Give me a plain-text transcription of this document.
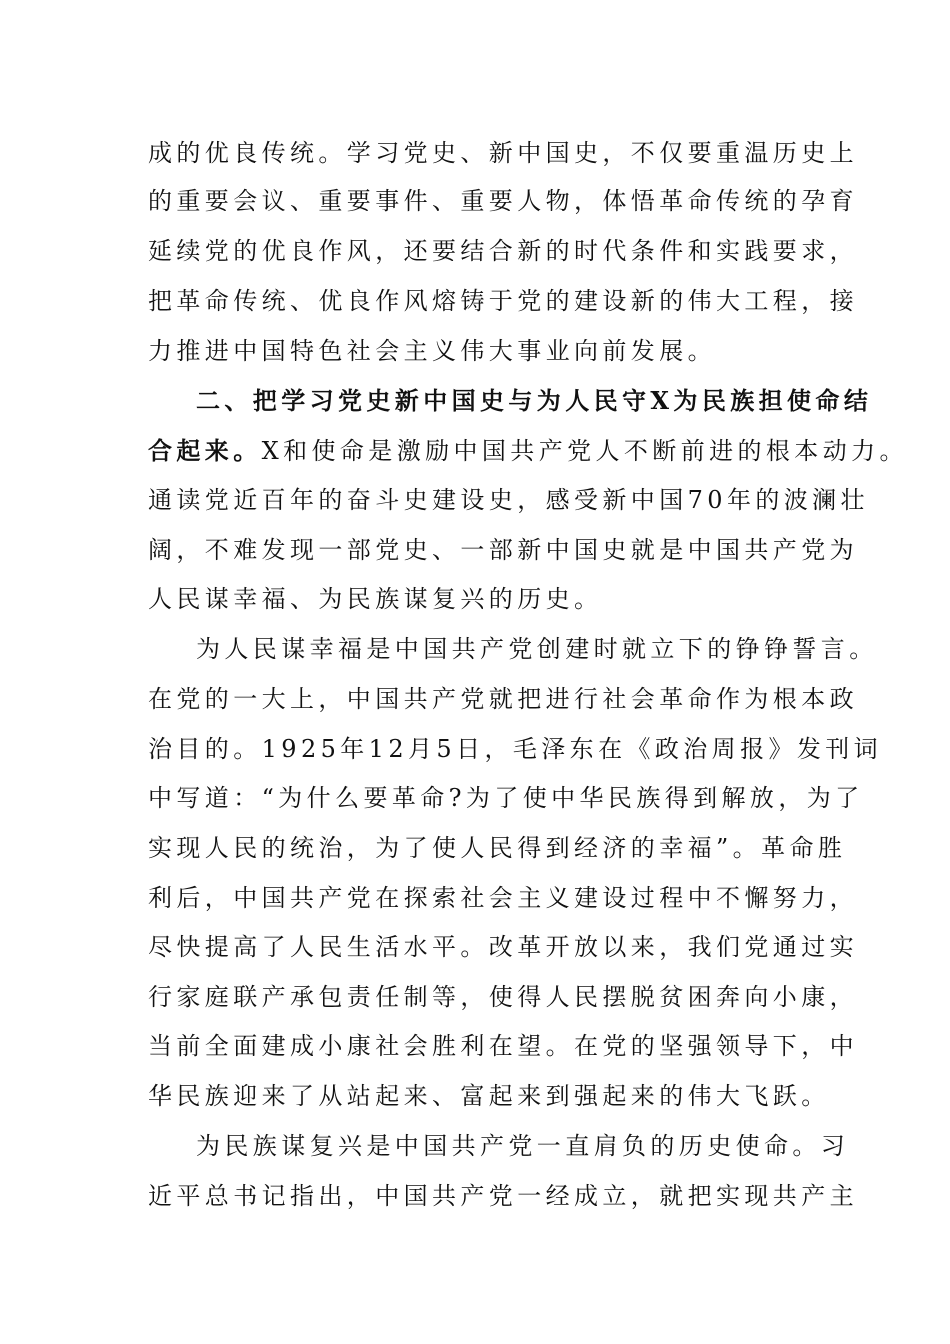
成的优良传统。学习党史、新中国史，不仅要重温历史上
的重要会议、重要事件、重要人物，体悟革命传统的孕育
延续党的优良作风，还要结合新的时代条件和实践要求，
把革命传统、优良作风熔铸于党的建设新的伟大工程，接
力推进中国特色社会主义伟大事业向前发展。
二、把学习党史新中国史与为人民守X为民族担使命结
合起来。X和使命是激励中国共产党人不断前进的根本动力。
通读党近百年的奋斗史建设史，感受新中国70年的波澜壮
阔，不难发现一部党史、一部新中国史就是中国共产党为
人民谋幸福、为民族谋复兴的历史。
为人民谋幸福是中国共产党创建时就立下的铮铮誓言。
在党的一大上，中国共产党就把进行社会革命作为根本政
治目的。1925年12月5日，毛泽东在《政治周报》发刊词
中写道：“为什么要革命?为了使中华民族得到解放，为了
实现人民的统治，为了使人民得到经济的幸福”。革命胜
利后，中国共产党在探索社会主义建设过程中不懈努力，
尽快提高了人民生活水平。改革开放以来，我们党通过实
行家庭联产承包责任制等，使得人民摆脱贫困奔向小康，
当前全面建成小康社会胜利在望。在党的坚强领导下，中
华民族迎来了从站起来、富起来到强起来的伟大飞跃。
为民族谋复兴是中国共产党一直肩负的历史使命。习
近平总书记指出，中国共产党一经成立，就把实现共产主
